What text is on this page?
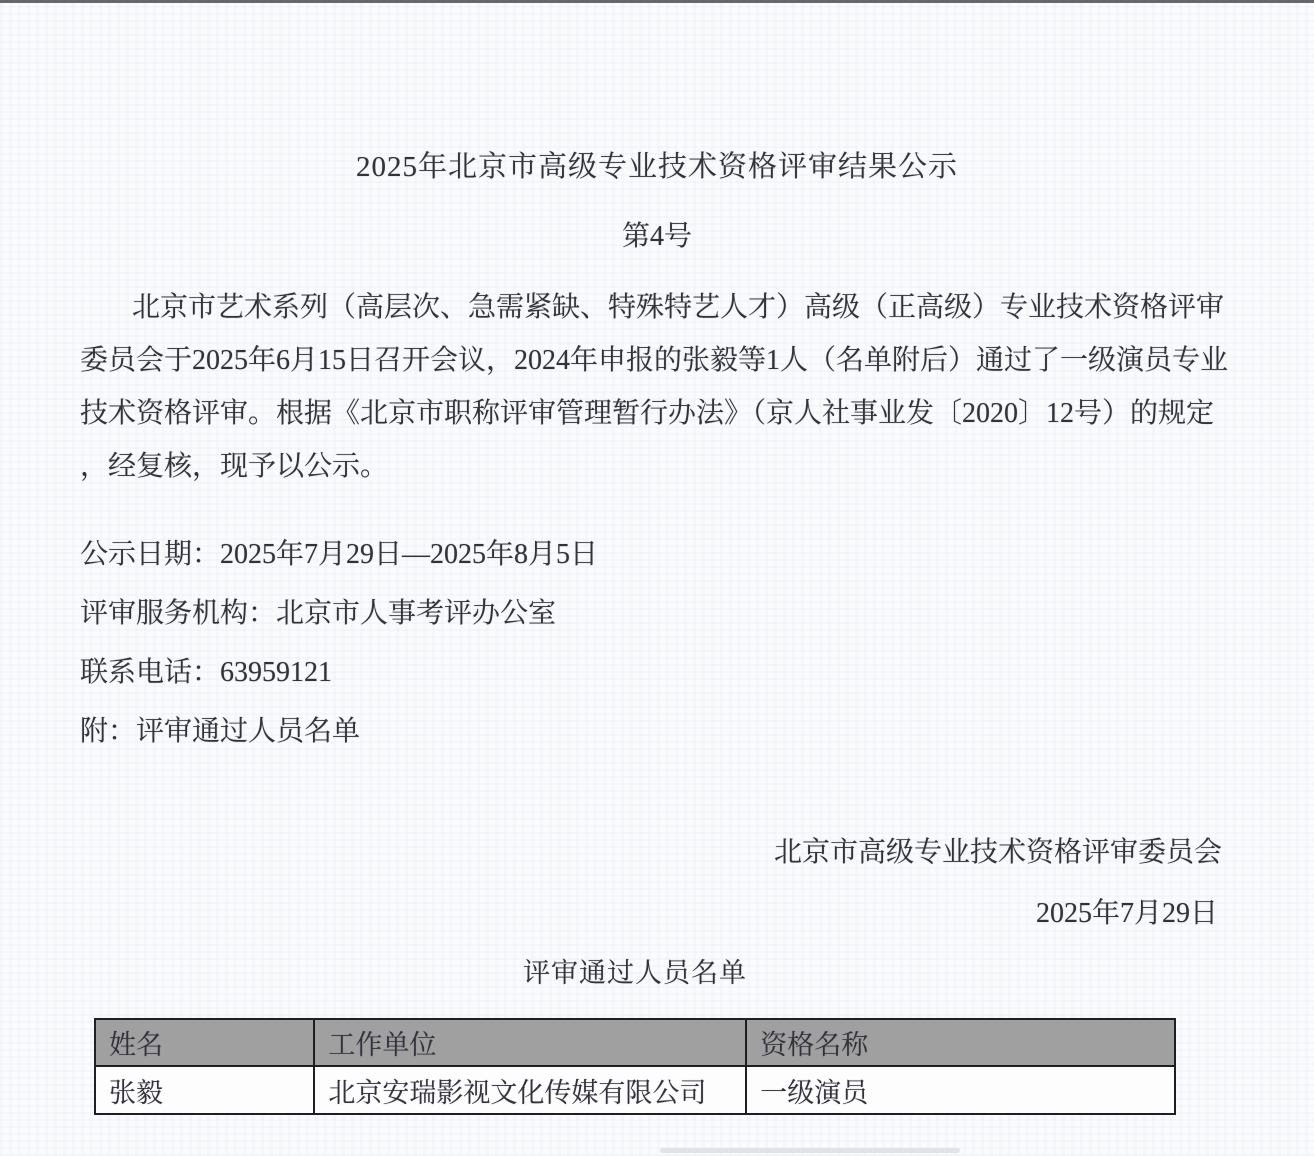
2025年北京市高级专业技术资格评审结果公示
第4号
北京市艺术系列（高层次、急需紧缺、特殊特艺人才）高级（正高级）专业技术资格评审
委员会于2025年6月15日召开会议，2024年申报的张毅等1人（名单附后）通过了一级演员专业
技术资格评审。根据《北京市职称评审管理暂行办法》（京人社事业发〔2020〕12号）的规定
，经复核，现予以公示。
公示日期：2025年7月29日—2025年8月5日
评审服务机构：北京市人事考评办公室
联系电话：63959121
附：评审通过人员名单
北京市高级专业技术资格评审委员会
2025年7月29日
评审通过人员名单
姓名	工作单位	资格名称
张毅	北京安瑞影视文化传媒有限公司	一级演员
